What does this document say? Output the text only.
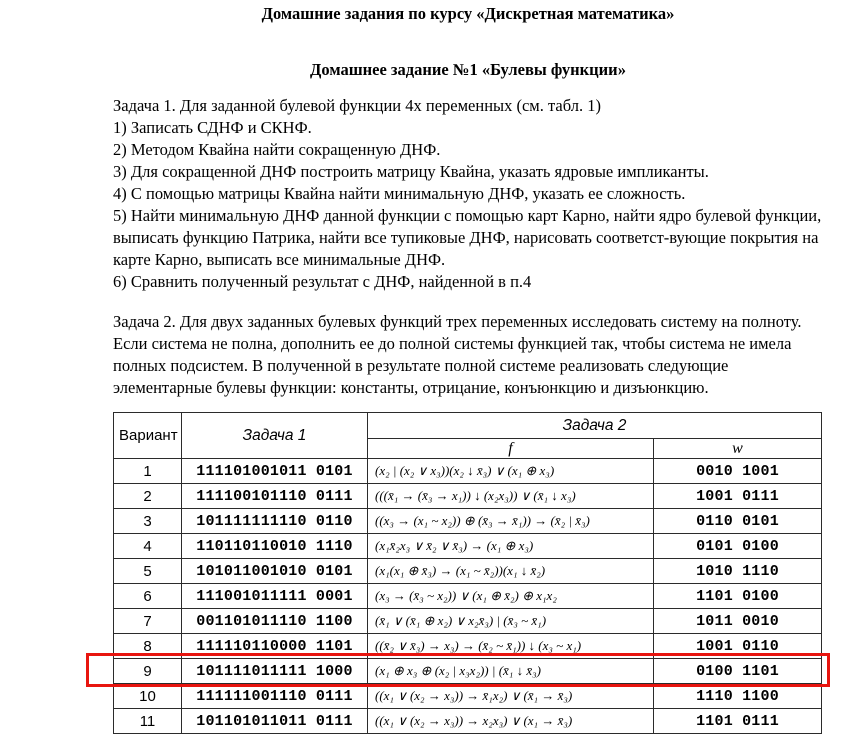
Домашние задания по курсу «Дискретная математика»
Домашнее задание №1 «Булевы функции»

Задача 1. Для заданной булевой функции 4х переменных (см. табл. 1)

1) Записать СДНФ и СКНФ.

2) Методом Квайна найти сокращенную ДНФ.

3) Для сокращенной ДНФ построить матрицу Квайна, указать ядровые импликанты.

4) С помощью матрицы Квайна найти минимальную ДНФ, указать ее сложность.

5) Найти минимальную ДНФ данной функции с помощью карт Карно, найти ядро булевой функции, выписать функцию Патрика, найти все тупиковые ДНФ, нарисовать соответст-вующие покрытия на карте Карно, выписать все минимальные ДНФ.

6) Сравнить полученный результат с ДНФ, найденной в п.4

Задача 2. Для двух заданных булевых функций трех переменных исследовать систему на полноту. Если система не полна, дополнить ее до полной системы функцией так, чтобы система не имела полных подсистем. В полученной в результате полной системе реализовать следующие элементарные булевы функции: константы, отрицание, конъюнкцию и дизъюнкцию.

Вариант	Задача 1	Задача 2	
		f	w
1	111101001011 0101	(x₂ | (x₂ ∨ x₃))(x₂ ↓ x̄₃) ∨ (x₁ ⊕ x₃)	0010 1001
2	111100101110 0111	(((x̄₁ → (x̄₃ → x₁)) ↓ (x₂x₃)) ∨ (x̄₁ ↓ x₃)	1001 0111
3	101111111110 0110	((x₃ → (x₁ ~ x₂)) ⊕ (x̄₃ → x̄₁)) → (x̄₂ | x̄₃)	0110 0101
4	110110110010 1110	(x₁x̄₂x₃ ∨ x̄₂ ∨ x̄₃) → (x₁ ⊕ x₃)	0101 0100
5	101011001010 0101	(x₁(x₁ ⊕ x̄₃) → (x₁ ~ x̄₂))(x₁ ↓ x̄₂)	1010 1110
6	111001011111 0001	(x₃ → (x̄₃ ~ x₂)) ∨ (x₁ ⊕ x̄₂) ⊕ x₁x₂	1101 0100
7	001101011110 1100	(x̄₁ ∨ (x̄₁ ⊕ x₂) ∨ x₂x̄₃) | (x̄₃ ~ x̄₁)	1011 0010
8	111110110000 1101	((x̄₂ ∨ x̄₃) → x₃) → (x̄₂ ~ x̄₁)) ↓ (x₃ ~ x₁)	1001 0110
9	101111011111 1000	(x₁ ⊕ x₃ ⊕ (x₂ | x₃x₂)) | (x̄₁ ↓ x̄₃)	0100 1101
10	111111001110 0111	((x₁ ∨ (x₂ → x₃)) → x̄₁x₂) ∨ (x̄₁ → x̄₃)	1110 1100
11	101101011011 0111	((x₁ ∨ (x₂ → x₃)) → x₂x₃) ∨ (x₁ → x̄₃)	1101 0111
